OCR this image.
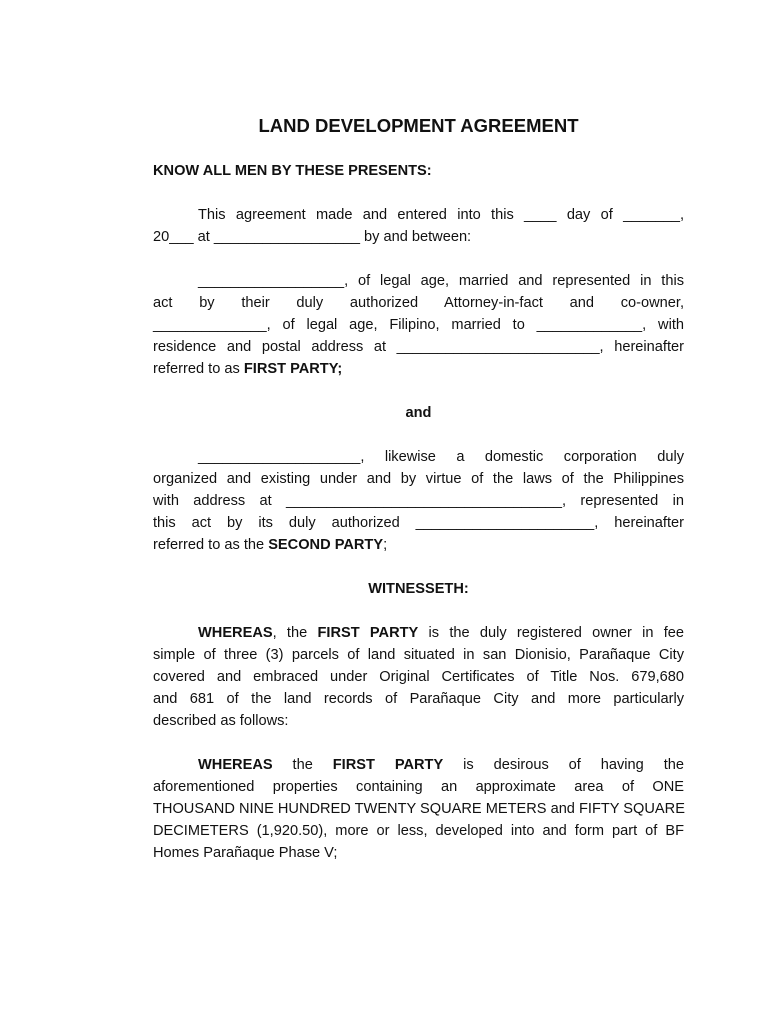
LAND DEVELOPMENT AGREEMENT
KNOW ALL MEN BY THESE PRESENTS:
This agreement made and entered into this ____ day of _______,
20___ at __________________ by and between:
__________________, of legal age, married and represented in this
act by their duly authorized Attorney-in-fact and co-owner,
______________, of legal age, Filipino, married to _____________, with
residence and postal address at _________________________, hereinafter
referred to as FIRST PARTY;
and
____________________, likewise a domestic corporation duly
organized and existing under and by virtue of the laws of the Philippines
with address at __________________________________, represented in
this act by its duly authorized ______________________, hereinafter
referred to as the SECOND PARTY;
WITNESSETH:
WHEREAS, the FIRST PARTY is the duly registered owner in fee
simple of three (3) parcels of land situated in san Dionisio, Parañaque City
covered and embraced under Original Certificates of Title Nos. 679,680
and 681 of the land records of Parañaque City and more particularly
described as follows:
WHEREAS the FIRST PARTY is desirous of having the
aforementioned properties containing an approximate area of ONE
THOUSAND NINE HUNDRED TWENTY SQUARE METERS and FIFTY SQUARE
DECIMETERS (1,920.50), more or less, developed into and form part of BF
Homes Parañaque Phase V;
